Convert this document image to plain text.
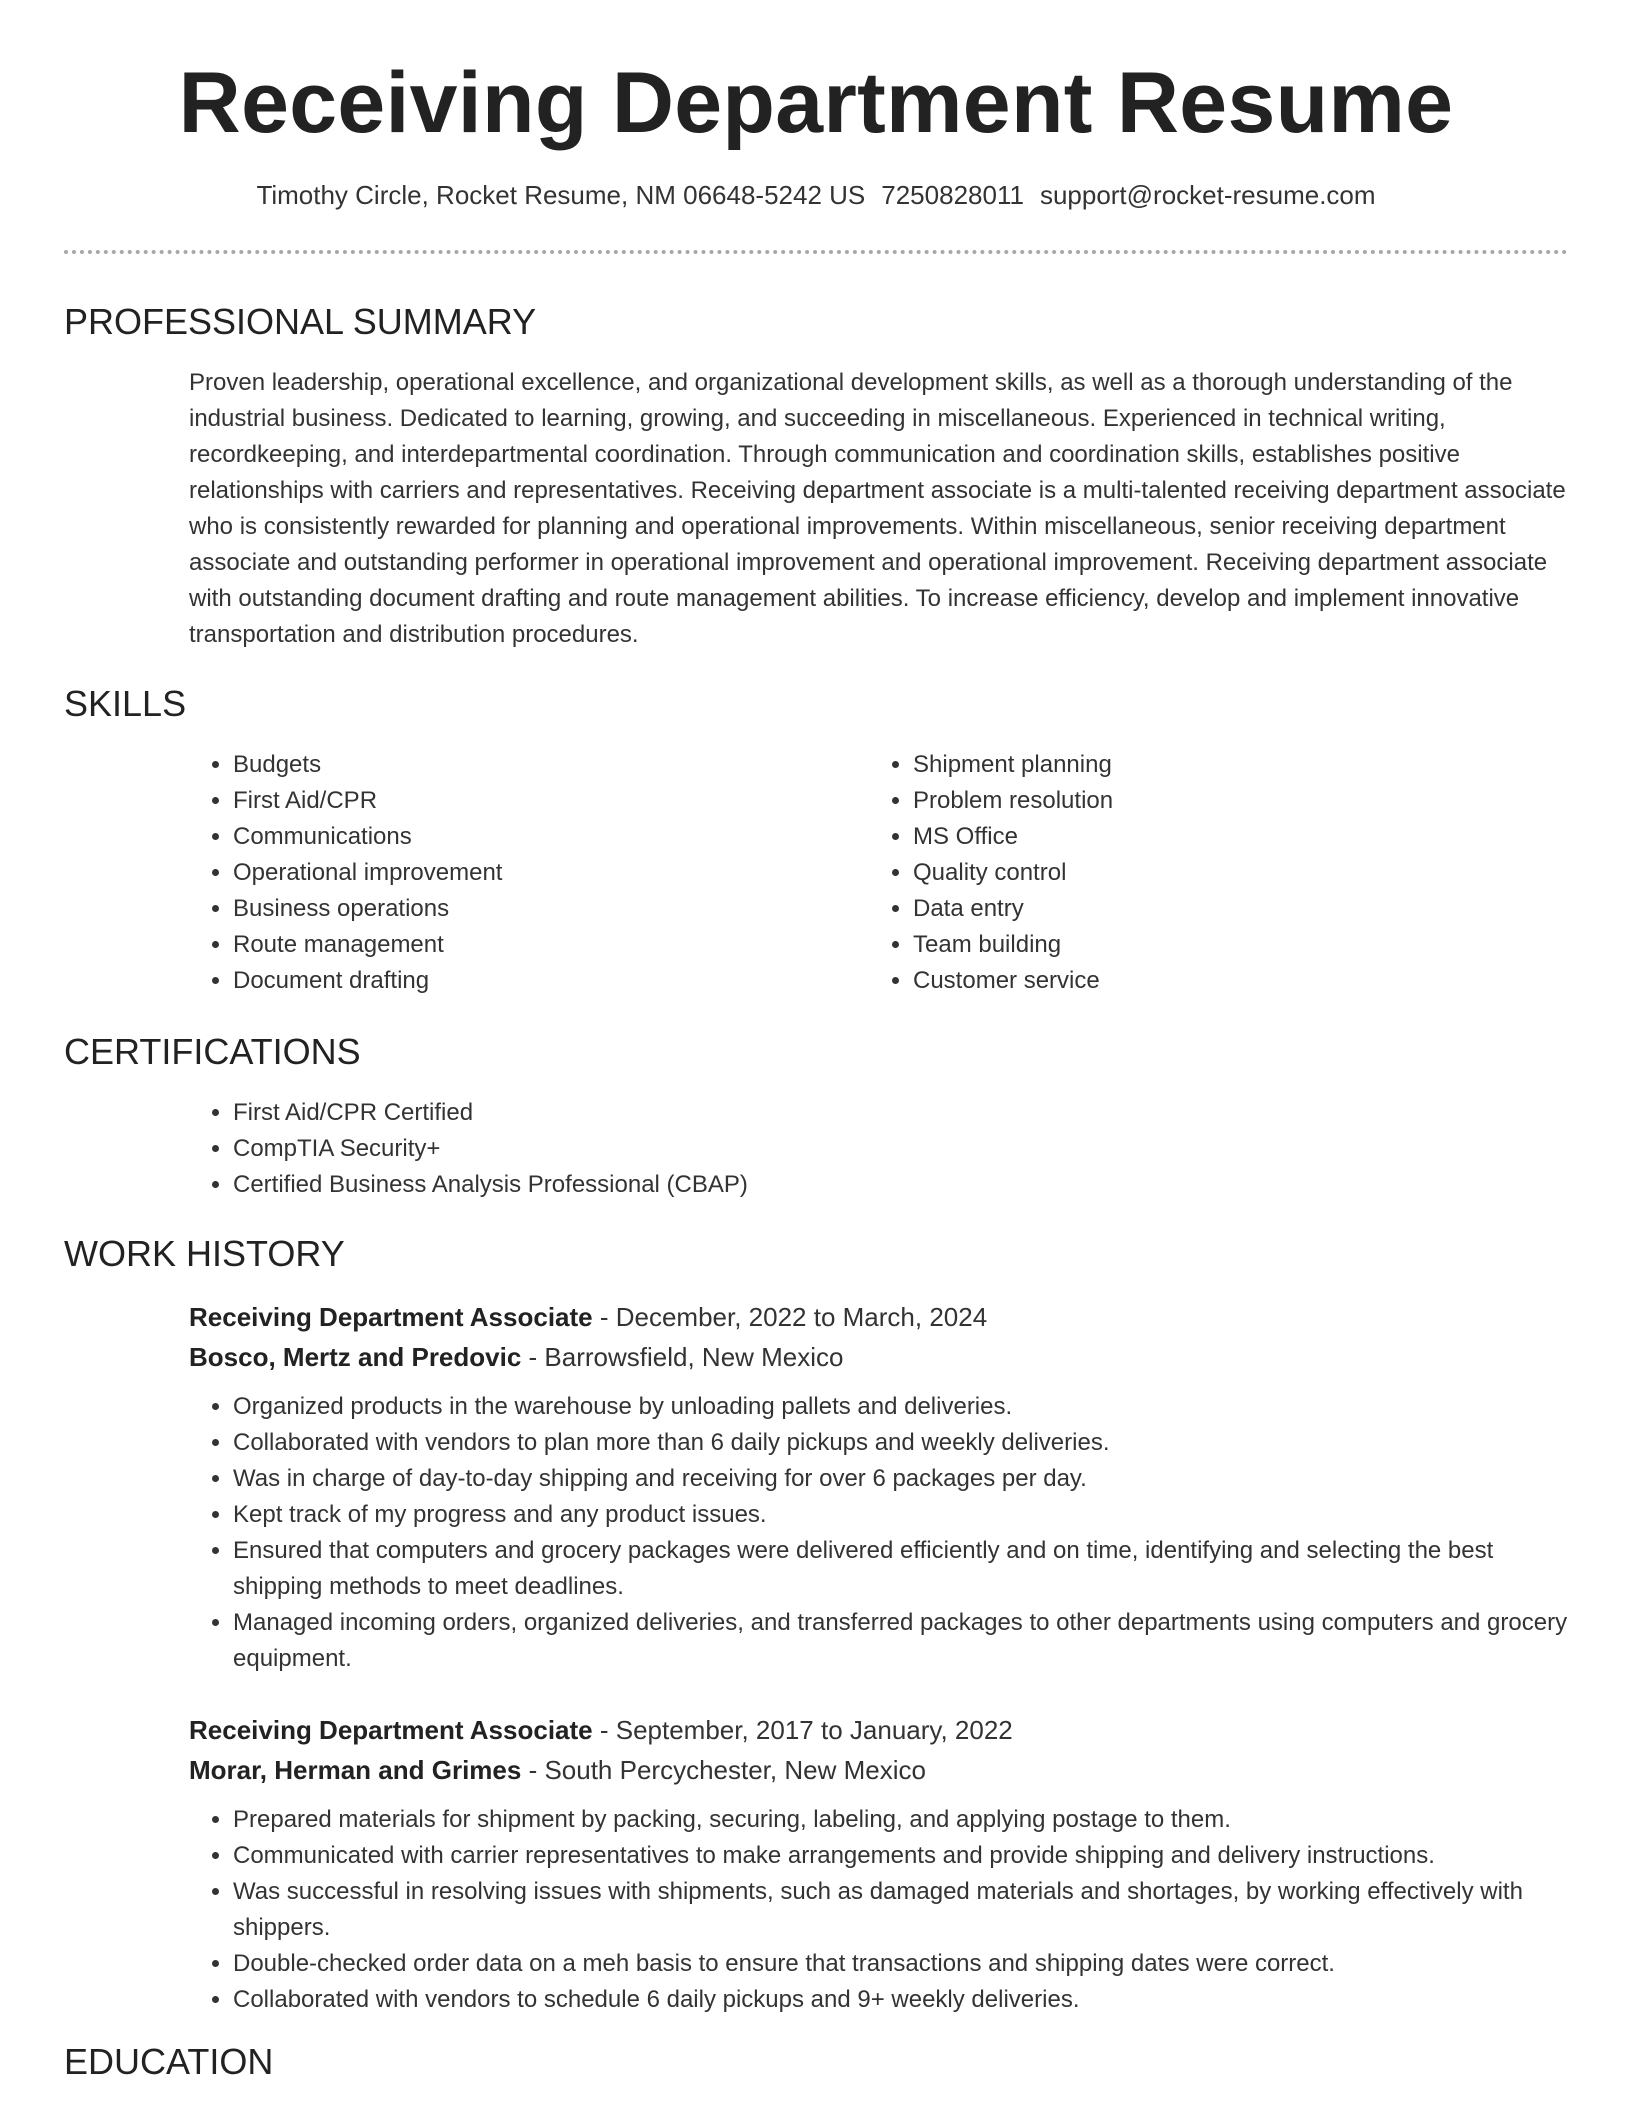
Receiving Department Resume
Timothy Circle, Rocket Resume, NM 06648-5242 US 7250828011 support@rocket-resume.com
PROFESSIONAL SUMMARY

Proven leadership, operational excellence, and organizational development skills, as well as a thorough understanding of the industrial business. Dedicated to learning, growing, and succeeding in miscellaneous. Experienced in technical writing, recordkeeping, and interdepartmental coordination. Through communication and coordination skills, establishes positive relationships with carriers and representatives. Receiving department associate is a multi-talented receiving department associate who is consistently rewarded for planning and operational improvements. Within miscellaneous, senior receiving department associate and outstanding performer in operational improvement and operational improvement. Receiving department associate with outstanding document drafting and route management abilities. To increase efficiency, develop and implement innovative transportation and distribution procedures.

SKILLS
• Budgets
• First Aid/CPR
• Communications
• Operational improvement
• Business operations
• Route management
• Document drafting
• Shipment planning
• Problem resolution
• MS Office
• Quality control
• Data entry
• Team building
• Customer service
CERTIFICATIONS
• First Aid/CPR Certified
• CompTIA Security+
• Certified Business Analysis Professional (CBAP)
WORK HISTORY
Receiving Department Associate - December, 2022 to March, 2024
Bosco, Mertz and Predovic - Barrowsfield, New Mexico
• Organized products in the warehouse by unloading pallets and deliveries.
• Collaborated with vendors to plan more than 6 daily pickups and weekly deliveries.
• Was in charge of day-to-day shipping and receiving for over 6 packages per day.
• Kept track of my progress and any product issues.
• Ensured that computers and grocery packages were delivered efficiently and on time, identifying and selecting the best shipping methods to meet deadlines.
• Managed incoming orders, organized deliveries, and transferred packages to other departments using computers and grocery equipment.
Receiving Department Associate - September, 2017 to January, 2022
Morar, Herman and Grimes - South Percychester, New Mexico
• Prepared materials for shipment by packing, securing, labeling, and applying postage to them.
• Communicated with carrier representatives to make arrangements and provide shipping and delivery instructions.
• Was successful in resolving issues with shipments, such as damaged materials and shortages, by working effectively with shippers.
• Double-checked order data on a meh basis to ensure that transactions and shipping dates were correct.
• Collaborated with vendors to schedule 6 daily pickups and 9+ weekly deliveries.
EDUCATION
